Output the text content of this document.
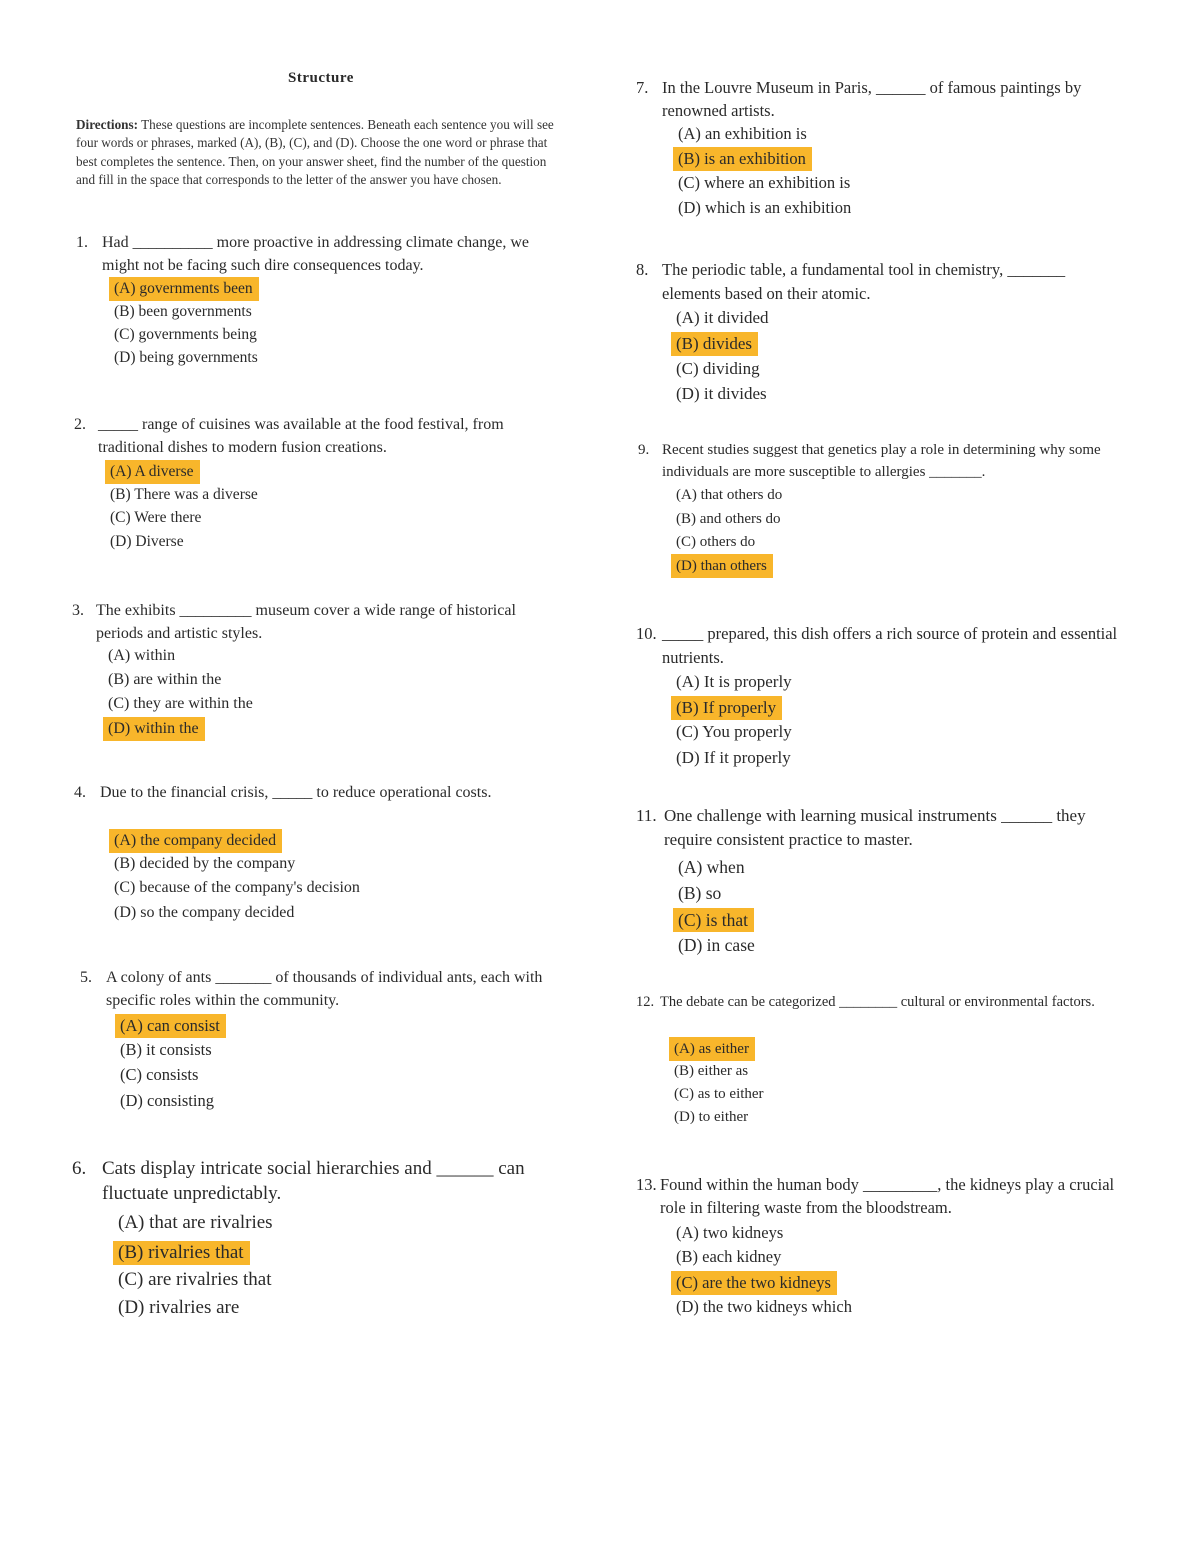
Structure
Directions: These questions are incomplete sentences. Beneath each sentence you will see four words or phrases, marked (A), (B), (C), and (D). Choose the one word or phrase that best completes the sentence. Then, on your answer sheet, find the number of the question and fill in the space that corresponds to the letter of the answer you have chosen.
1. Had __________ more proactive in addressing climate change, we might not be facing such dire consequences today.
(A) governments been
(B) been governments
(C) governments being
(D) being governments
2. _____ range of cuisines was available at the food festival, from traditional dishes to modern fusion creations.
(A) A diverse
(B) There was a diverse
(C) Were there
(D) Diverse
3. The exhibits _________ museum cover a wide range of historical periods and artistic styles.
(A) within
(B) are within the
(C) they are within the
(D) within the
4. Due to the financial crisis, _____ to reduce operational costs.
(A) the company decided
(B) decided by the company
(C) because of the company's decision
(D) so the company decided
5. A colony of ants _______ of thousands of individual ants, each with specific roles within the community.
(A) can consist
(B) it consists
(C) consists
(D) consisting
6. Cats display intricate social hierarchies and ______ can fluctuate unpredictably.
(A) that are rivalries
(B) rivalries that
(C) are rivalries that
(D) rivalries are
7. In the Louvre Museum in Paris, ______ of famous paintings by renowned artists.
(A) an exhibition is
(B) is an exhibition
(C) where an exhibition is
(D) which is an exhibition
8. The periodic table, a fundamental tool in chemistry, _______ elements based on their atomic.
(A) it divided
(B) divides
(C) dividing
(D) it divides
9. Recent studies suggest that genetics play a role in determining why some individuals are more susceptible to allergies _______.
(A) that others do
(B) and others do
(C) others do
(D) than others
10. _____ prepared, this dish offers a rich source of protein and essential nutrients.
(A) It is properly
(B) If properly
(C) You properly
(D) If it properly
11. One challenge with learning musical instruments ______ they require consistent practice to master.
(A) when
(B) so
(C) is that
(D) in case
12. The debate can be categorized ________ cultural or environmental factors.
(A) as either
(B) either as
(C) as to either
(D) to either
13. Found within the human body _________, the kidneys play a crucial role in filtering waste from the bloodstream.
(A) two kidneys
(B) each kidney
(C) are the two kidneys
(D) the two kidneys which
